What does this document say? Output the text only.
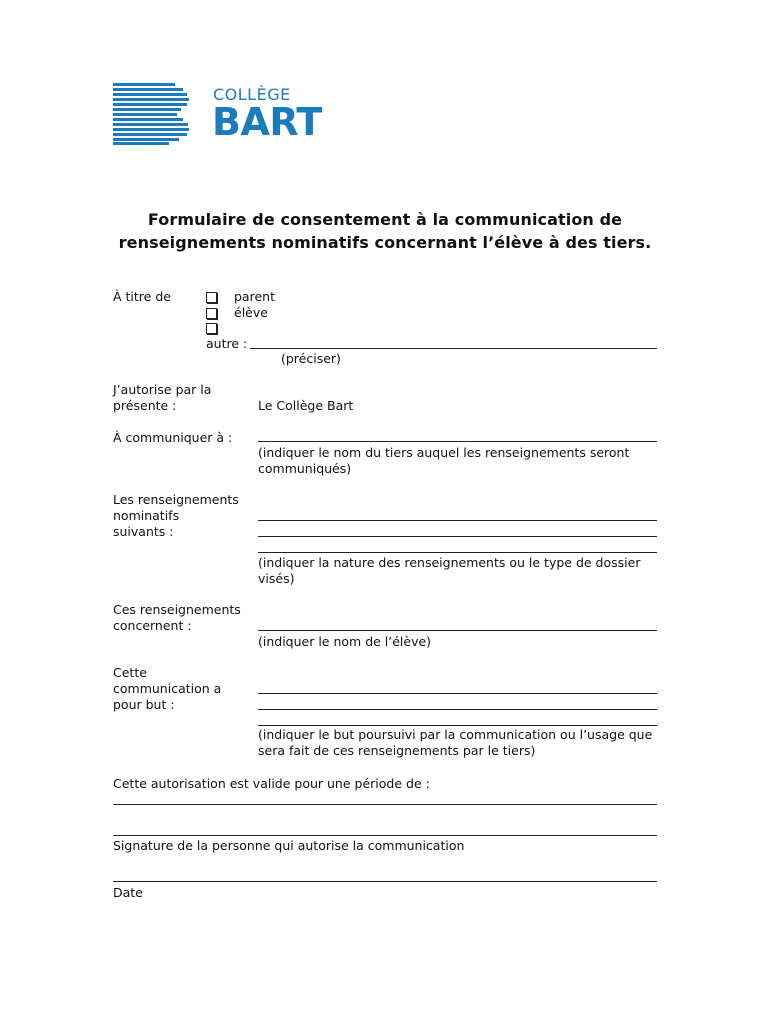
COLLÈGE
BART
Formulaire de consentement à la communication de
renseignements nominatifs concernant l’élève à des tiers.
À titre de	parent
élève
autre :
(préciser)
J’autorise par la
présente :	Le Collège Bart
À communiquer à :
(indiquer le nom du tiers auquel les renseignements seront
communiqués)
Les renseignements
nominatifs
suivants :
(indiquer la nature des renseignements ou le type de dossier
visés)
Ces renseignements
concernent :
(indiquer le nom de l’élève)
Cette
communication a
pour but :
(indiquer le but poursuivi par la communication ou l’usage que
sera fait de ces renseignements par le tiers)
Cette autorisation est valide pour une période de :
Signature de la personne qui autorise la communication
Date
